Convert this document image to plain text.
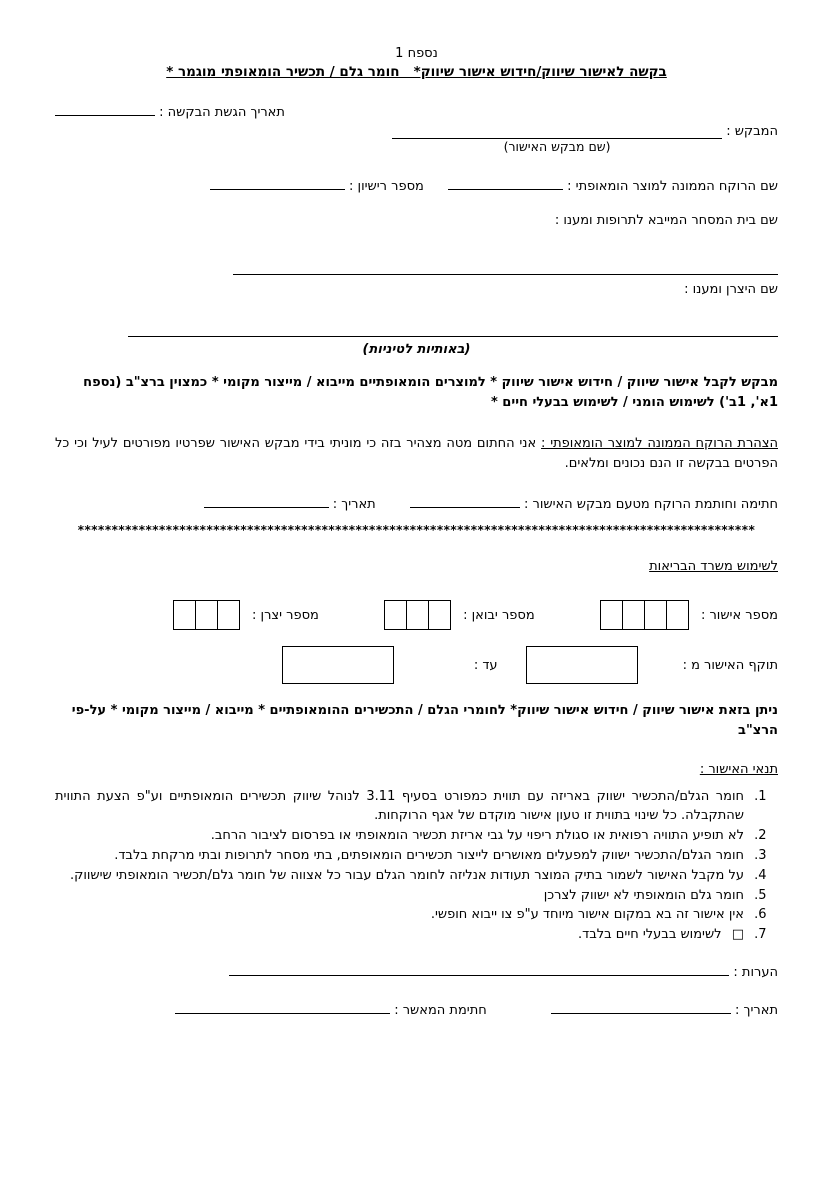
נספח 1
בקשה לאישור שיווק/חידוש אישור שיווק*   חומר גלם / תכשיר הומאופתי מוגמר *
תאריך הגשת הבקשה :
המבקש :
(שם מבקש האישור)
שם הרוקח הממונה למוצר הומאופתי :  מספר רישיון :
שם בית המסחר המייבא לתרופות ומענו :
שם היצרן ומענו :
(באותיות לטיניות)
מבקש לקבל אישור שיווק / חידוש אישור שיווק * למוצרים הומאופתיים מייבוא / מייצור מקומי * כמצוין ברצ"ב (נספח 1א', 1ב') לשימוש הומני / לשימוש בבעלי חיים *
הצהרת הרוקח הממונה למוצר הומאופתי : אני החתום מטה מצהיר בזה כי מוניתי בידי מבקש האישור שפרטיו מפורטים לעיל וכי כל הפרטים בבקשה זו הנם נכונים ומלאים.
חתימה וחותמת הרוקח מטעם מבקש האישור :  תאריך :
****************************************************************************************************
לשימוש משרד הבריאות
מספר אישור :
מספר יבואן :
מספר יצרן :
תוקף האישור מ :
עד :
ניתן בזאת אישור שיווק / חידוש אישור שיווק* לחומרי הגלם / התכשירים ההומאופתיים * מייבוא / מייצור מקומי * על-פי הרצ"ב
תנאי האישור :
1. חומר הגלם/התכשיר ישווק באריזה עם תווית כמפורט בסעיף 3.11 לנוהל שיווק תכשירים הומאופתיים וע"פ הצעת התווית שהתקבלה. כל שינוי בתווית זו טעון אישור מוקדם של אגף הרוקחות.
2. לא תופיע התוויה רפואית או סגולת ריפוי על גבי אריזת תכשיר הומאופתי או בפרסום לציבור הרחב.
3. חומר הגלם/התכשיר ישווק למפעלים מאושרים לייצור תכשירים הומאופתים, בתי מסחר לתרופות ובתי מרקחת בלבד.
4. על מקבל האישור לשמור בתיק המוצר תעודות אנליזה לחומר הגלם עבור כל אצווה של חומר גלם/תכשיר הומאופתי שישווק.
5. חומר גלם הומאופתי לא ישווק לצרכן
6. אין אישור זה בא במקום אישור מיוחד ע"פ צו ייבוא חופשי.
7. □ לשימוש בבעלי חיים בלבד.
הערות :
תאריך :  חתימת המאשר :
